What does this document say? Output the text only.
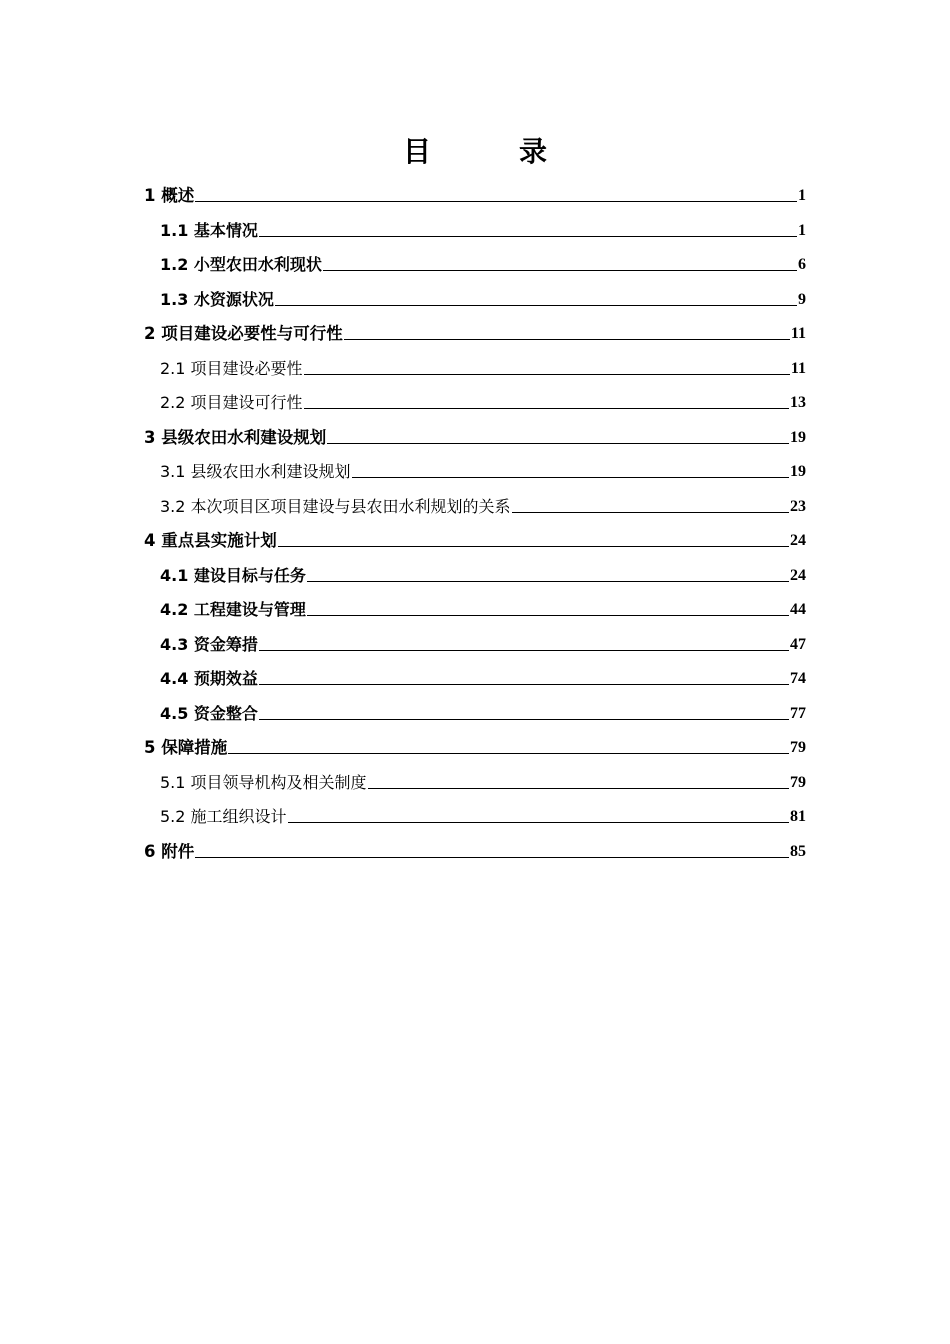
目　录
1 概述	1
1.1 基本情况	1
1.2 小型农田水利现状	6
1.3 水资源状况	9
2 项目建设必要性与可行性	11
2.1 项目建设必要性	11
2.2 项目建设可行性	13
3 县级农田水利建设规划	19
3.1 县级农田水利建设规划	19
3.2 本次项目区项目建设与县农田水利规划的关系	23
4 重点县实施计划	24
4.1 建设目标与任务	24
4.2 工程建设与管理	44
4.3 资金筹措	47
4.4 预期效益	74
4.5 资金整合	77
5 保障措施	79
5.1 项目领导机构及相关制度	79
5.2 施工组织设计	81
6 附件	85
